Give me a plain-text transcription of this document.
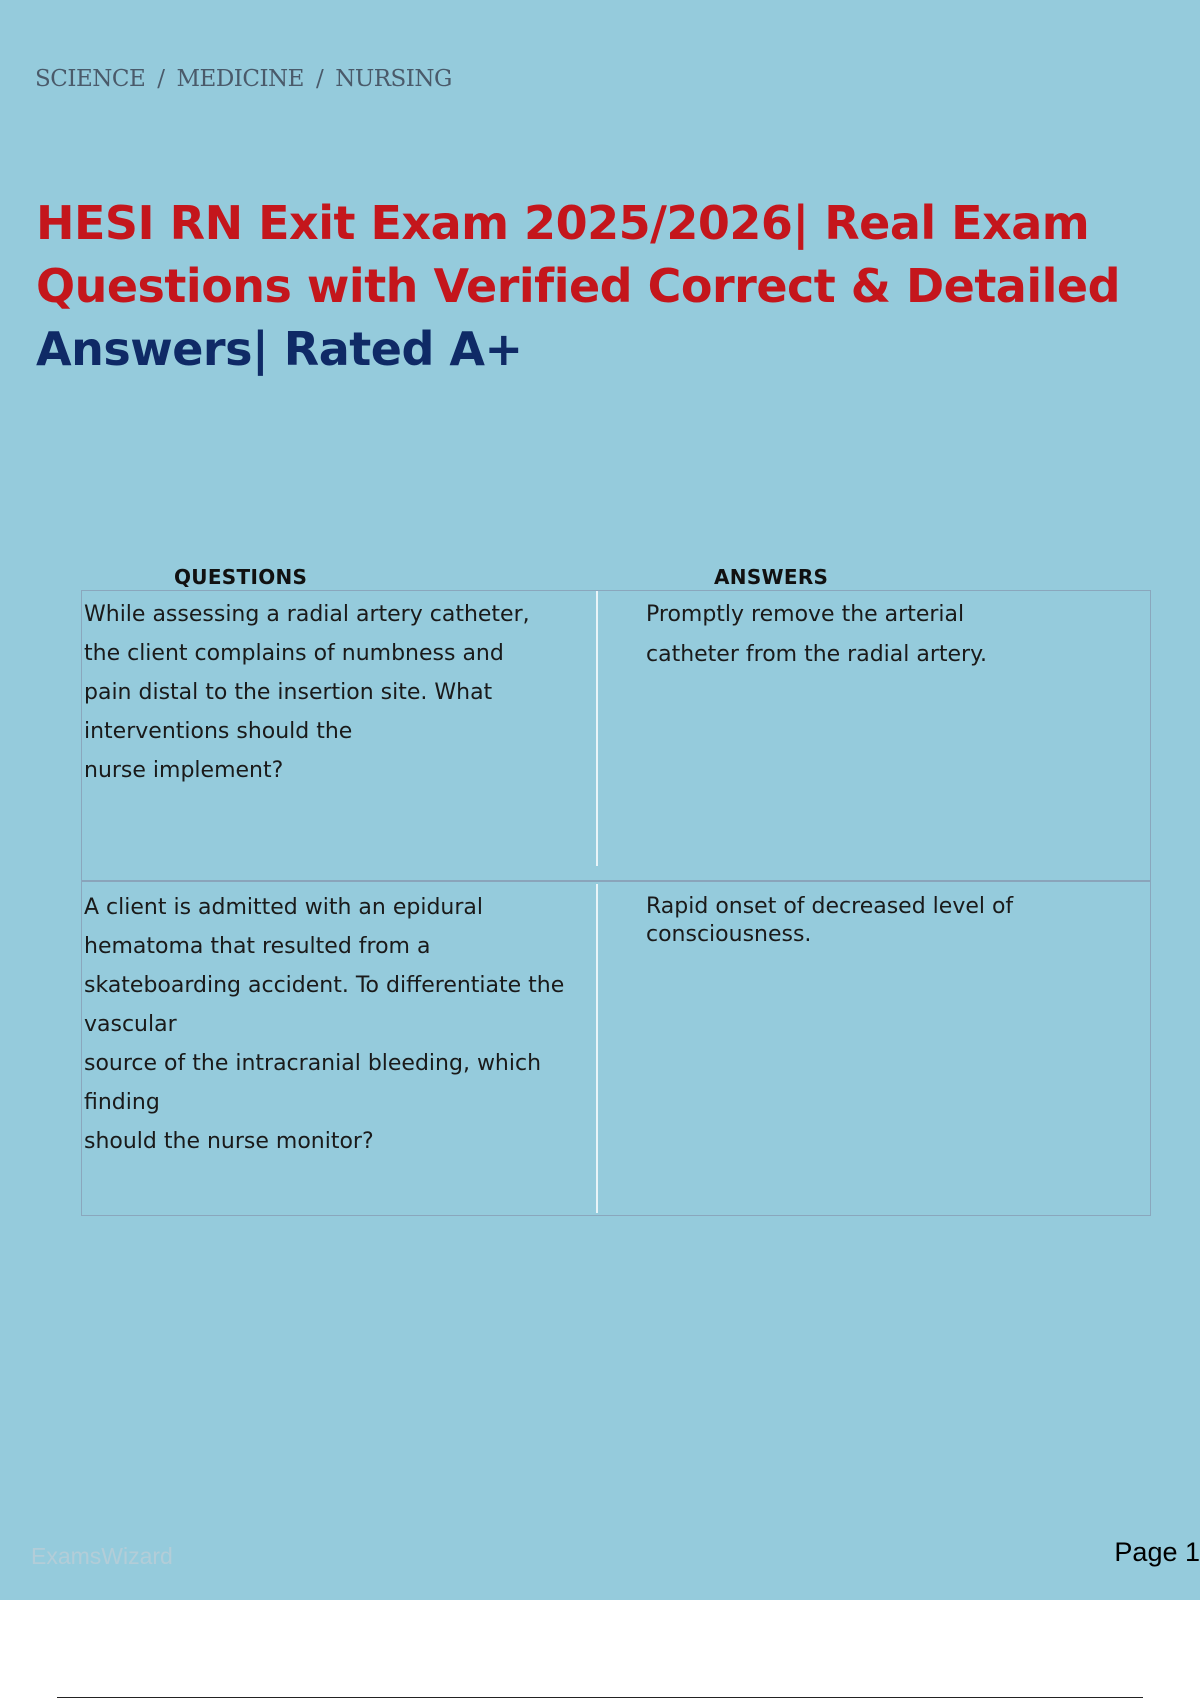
SCIENCE / MEDICINE / NURSING
HESI RN Exit Exam 2025/2026| Real Exam
Questions with Verified Correct & Detailed
Answers| Rated A+
QUESTIONS	ANSWERS
While assessing a radial artery catheter,
the client complains of numbness and
pain distal to the insertion site. What
interventions should the
nurse implement?
Promptly remove the arterial
catheter from the radial artery.
A client is admitted with an epidural
hematoma that resulted from a
skateboarding accident. To differentiate the
vascular
source of the intracranial bleeding, which
finding
should the nurse monitor?
Rapid onset of decreased level of
consciousness.
ExamsWizard	Page 1
